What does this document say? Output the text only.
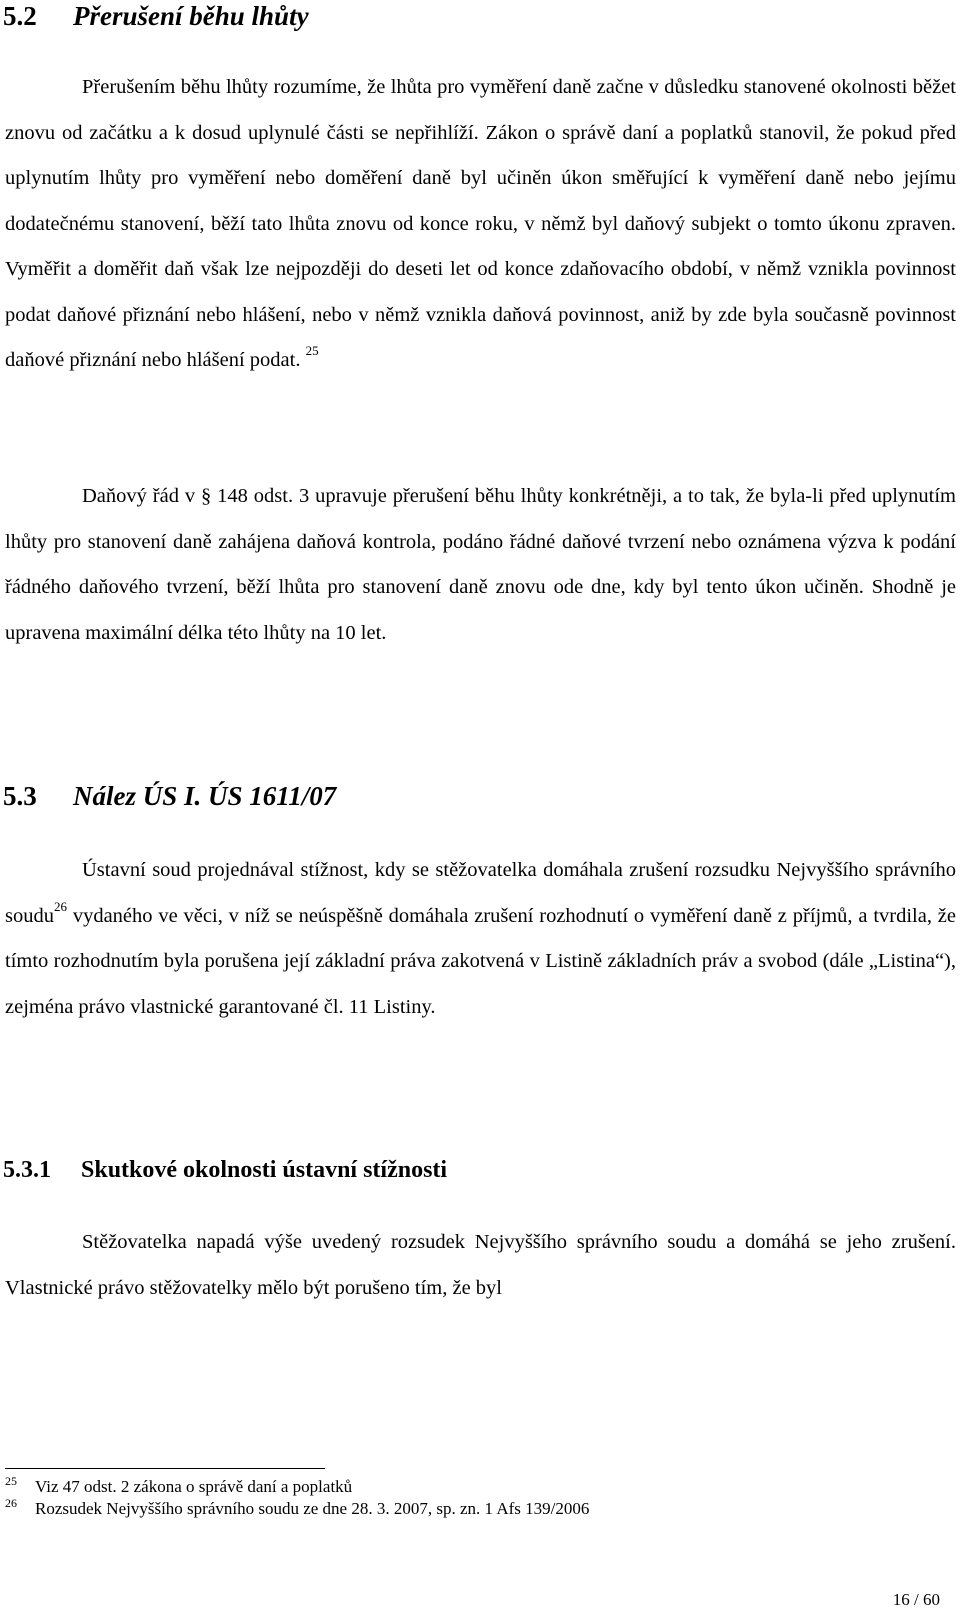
5.2 Přerušení běhu lhůty

Přerušením běhu lhůty rozumíme, že lhůta pro vyměření daně začne v důsledku stanovené okolnosti běžet znovu od začátku a k dosud uplynulé části se nepřihlíží. Zákon o správě daní a poplatků stanovil, že pokud před uplynutím lhůty pro vyměření nebo doměření daně byl učiněn úkon směřující k vyměření daně nebo jejímu dodatečnému stanovení, běží tato lhůta znovu od konce roku, v němž byl daňový subjekt o tomto úkonu zpraven. Vyměřit a doměřit daň však lze nejpozději do deseti let od konce zdaňovacího období, v němž vznikla povinnost podat daňové přiznání nebo hlášení, nebo v němž vznikla daňová povinnost, aniž by zde byla současně povinnost daňové přiznání nebo hlášení podat. $^{25}$

Daňový řád v § 148 odst. 3 upravuje přerušení běhu lhůty konkrétněji, a to tak, že byla-li před uplynutím lhůty pro stanovení daně zahájena daňová kontrola, podáno řádné daňové tvrzení nebo oznámena výzva k podání řádného daňového tvrzení, běží lhůta pro stanovení daně znovu ode dne, kdy byl tento úkon učiněn. Shodně je upravena maximální délka této lhůty na 10 let.

5.3 Nález ÚS I. ÚS 1611/07

Ústavní soud projednával stížnost, kdy se stěžovatelka domáhala zrušení rozsudku Nejvyššího správního soudu$^{26}$ vydaného ve věci, v níž se neúspěšně domáhala zrušení rozhodnutí o vyměření daně z příjmů, a tvrdila, že tímto rozhodnutím byla porušena její základní práva zakotvená v Listině základních práv a svobod (dále „Listina“), zejména právo vlastnické garantované čl. 11 Listiny.

5.3.1 Skutkové okolnosti ústavní stížnosti

Stěžovatelka napadá výše uvedený rozsudek Nejvyššího správního soudu a domáhá se jeho zrušení. Vlastnické právo stěžovatelky mělo být porušeno tím, že byl

25 Viz 47 odst. 2 zákona o správě daní a poplatků
26 Rozsudek Nejvyššího správního soudu ze dne 28. 3. 2007, sp. zn. 1 Afs 139/2006
16 / 60
